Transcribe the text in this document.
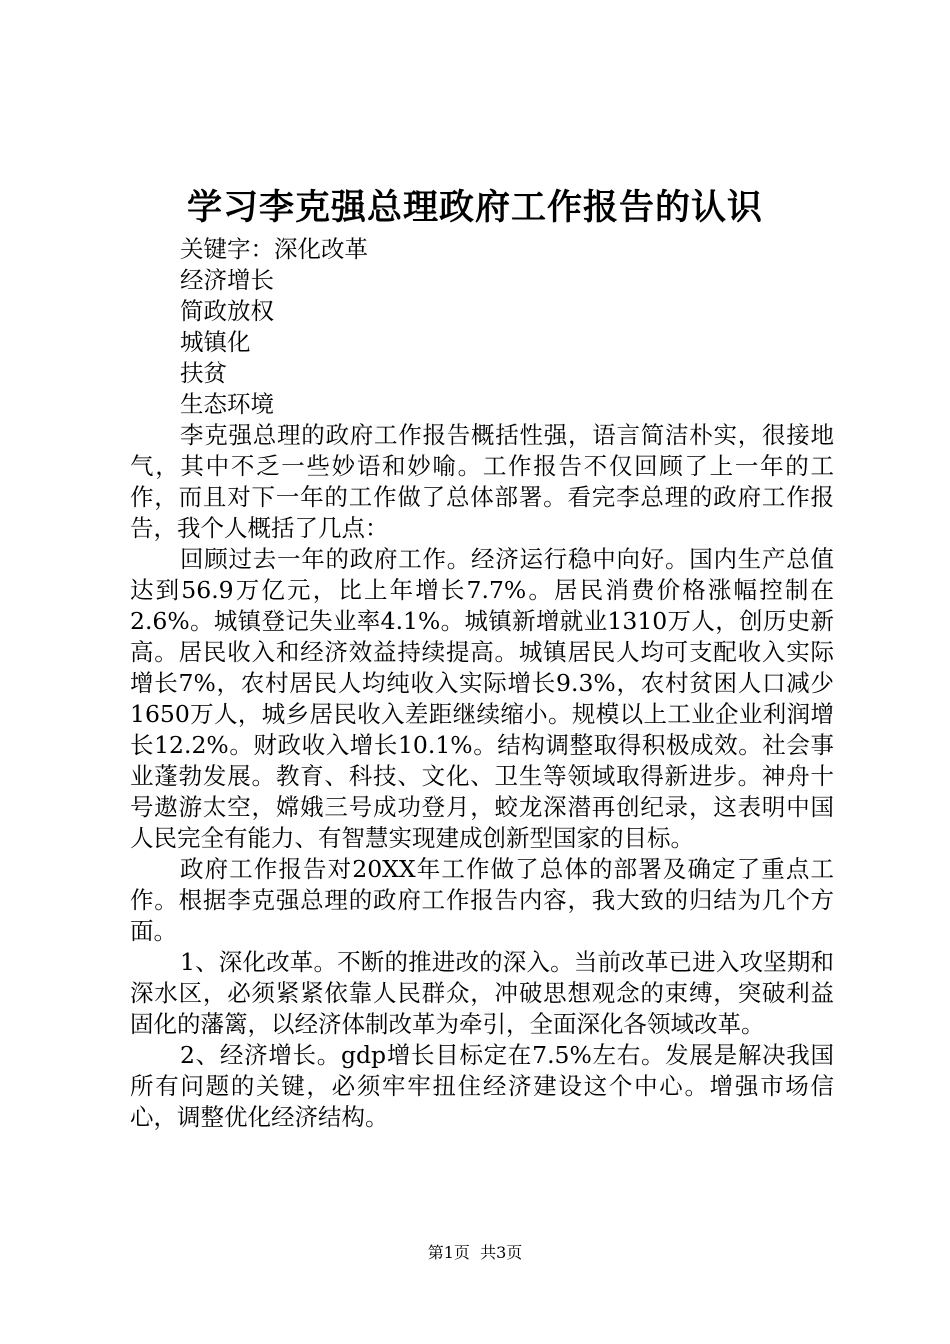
学习李克强总理政府工作报告的认识

关键字：深化改革

经济增长

简政放权

城镇化

扶贫

生态环境

李克强总理的政府工作报告概括性强，语言简洁朴实，很接地气，其中不乏一些妙语和妙喻。工作报告不仅回顾了上一年的工作，而且对下一年的工作做了总体部署。看完李总理的政府工作报告，我个人概括了几点：

回顾过去一年的政府工作。经济运行稳中向好。国内生产总值达到56.9万亿元，比上年增长7.7%。居民消费价格涨幅控制在2.6%。城镇登记失业率4.1%。城镇新增就业1310万人，创历史新高。居民收入和经济效益持续提高。城镇居民人均可支配收入实际增长7%，农村居民人均纯收入实际增长9.3%，农村贫困人口减少1650万人，城乡居民收入差距继续缩小。规模以上工业企业利润增长12.2%。财政收入增长10.1%。结构调整取得积极成效。社会事业蓬勃发展。教育、科技、文化、卫生等领域取得新进步。神舟十号遨游太空，嫦娥三号成功登月，蛟龙深潜再创纪录，这表明中国人民完全有能力、有智慧实现建成创新型国家的目标。

政府工作报告对20XX年工作做了总体的部署及确定了重点工作。根据李克强总理的政府工作报告内容，我大致的归结为几个方面。

1、深化改革。不断的推进改的深入。当前改革已进入攻坚期和深水区，必须紧紧依靠人民群众，冲破思想观念的束缚，突破利益固化的藩篱，以经济体制改革为牵引，全面深化各领域改革。

2、经济增长。gdp增长目标定在7.5%左右。发展是解决我国所有问题的关键，必须牢牢扭住经济建设这个中心。增强市场信心，调整优化经济结构。

第1页 共3页
